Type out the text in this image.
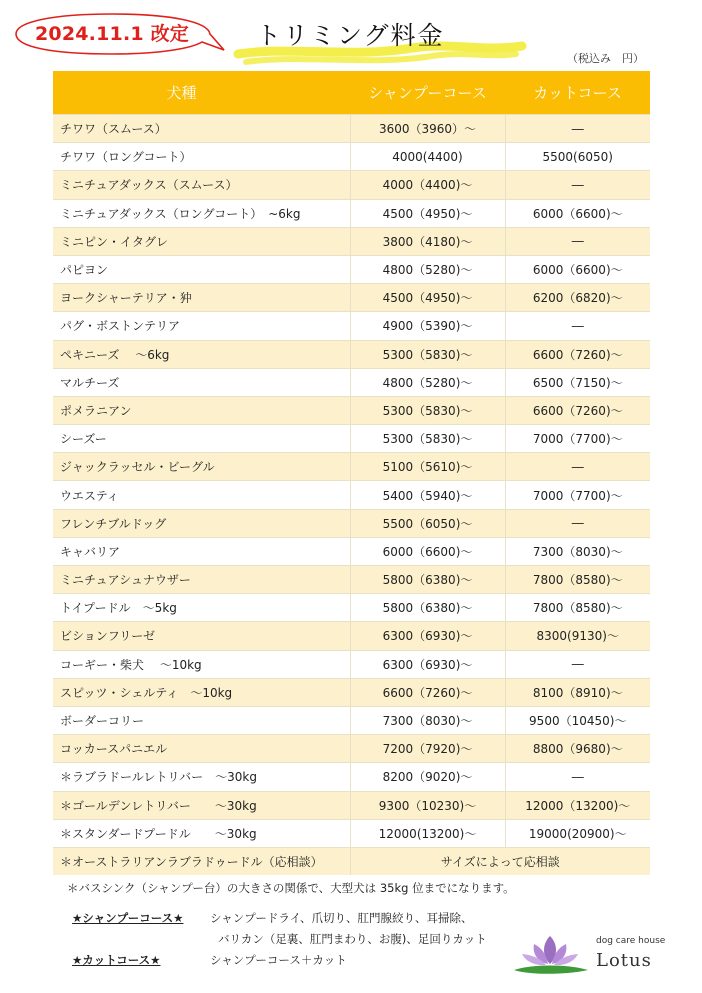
2024.11.1 改定	トリミング料金
（税込み　円）
犬種	シャンプーコース	カットコース
チワワ（スムース）	3600（3960）～	―
チワワ（ロングコート）	4000(4400)	5500(6050)
ミニチュアダックス（スムース）	4000（4400)～	―
ミニチュアダックス（ロングコート）　~6kg	4500（4950)～	6000（6600)～
ミニピン・イタグレ	3800（4180)～	―
パピヨン	4800（5280)～	6000（6600)～
ヨークシャーテリア・狆	4500（4950)～	6200（6820)～
パグ・ボストンテリア	4900（5390)～	―
ペキニーズ　 ～6kg	5300（5830)～	6600（7260)～
マルチーズ	4800（5280)～	6500（7150)～
ポメラニアン	5300（5830)～	6600（7260)～
シーズー	5300（5830)～	7000（7700)～
ジャックラッセル・ビーグル	5100（5610)～	―
ウエスティ	5400（5940)～	7000（7700)～
フレンチブルドッグ	5500（6050)～	―
キャバリア	6000（6600)～	7300（8030)～
ミニチュアシュナウザー	5800（6380)～	7800（8580)～
トイプードル　～5kg	5800（6380)～	7800（8580)～
ビションフリーゼ	6300（6930)～	8300(9130)～
コーギー・柴犬　 ～10kg	6300（6930)～	―
スピッツ・シェルティ　～10kg	6600（7260)～	8100（8910)～
ボーダーコリー	7300（8030)～	9500（10450)～
コッカースパニエル	7200（7920)～	8800（9680)～
＊ラブラドールレトリバー　～30kg	8200（9020)～	―
＊ゴールデンレトリバー　　～30kg	9300（10230)～	12000（13200)～
＊スタンダードプードル　　～30kg	12000(13200)～	19000(20900)～
＊オーストラリアンラブラドゥードル（応相談）	サイズによって応相談	
＊バスシンク（シャンプー台）の大きさの関係で、大型犬は 35kg 位までになります。
★シャンプーコース★ シャンプードライ、爪切り、肛門腺絞り、耳掃除、
バリカン（足裏、肛門まわり、お腹)、足回りカット
★カットコース★	シャンプーコース＋カット
dog care house
Lotus
